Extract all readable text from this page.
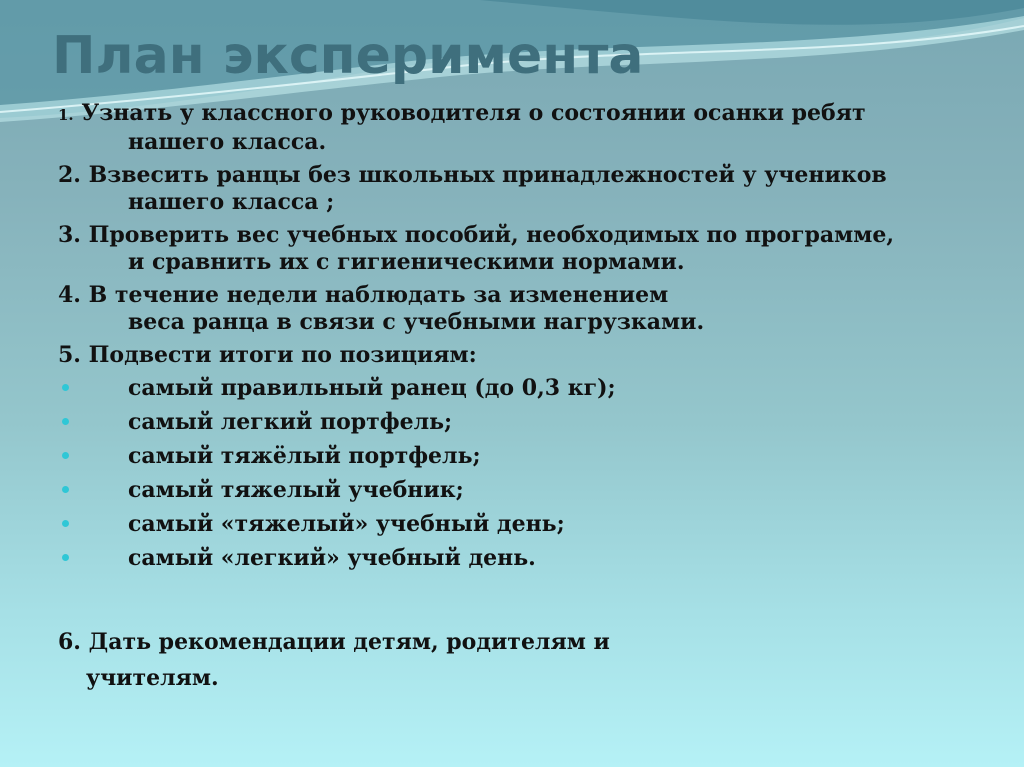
План эксперимента
1. Узнать у классного руководителя о состоянии осанки ребят
нашего класса.
2. Взвесить ранцы без школьных принадлежностей у учеников
нашего класса ;
3. Проверить вес учебных пособий, необходимых по программе,
и сравнить их с гигиеническими нормами.
4. В течение недели наблюдать за изменением
веса ранца в связи с учебными нагрузками.
5. Подвести итоги по позициям:
самый правильный ранец (до 0,3 кг);
самый легкий портфель;
самый тяжёлый портфель;
самый тяжелый учебник;
самый «тяжелый» учебный день;
самый «легкий» учебный день.
6. Дать рекомендации детям, родителям и
учителям.
